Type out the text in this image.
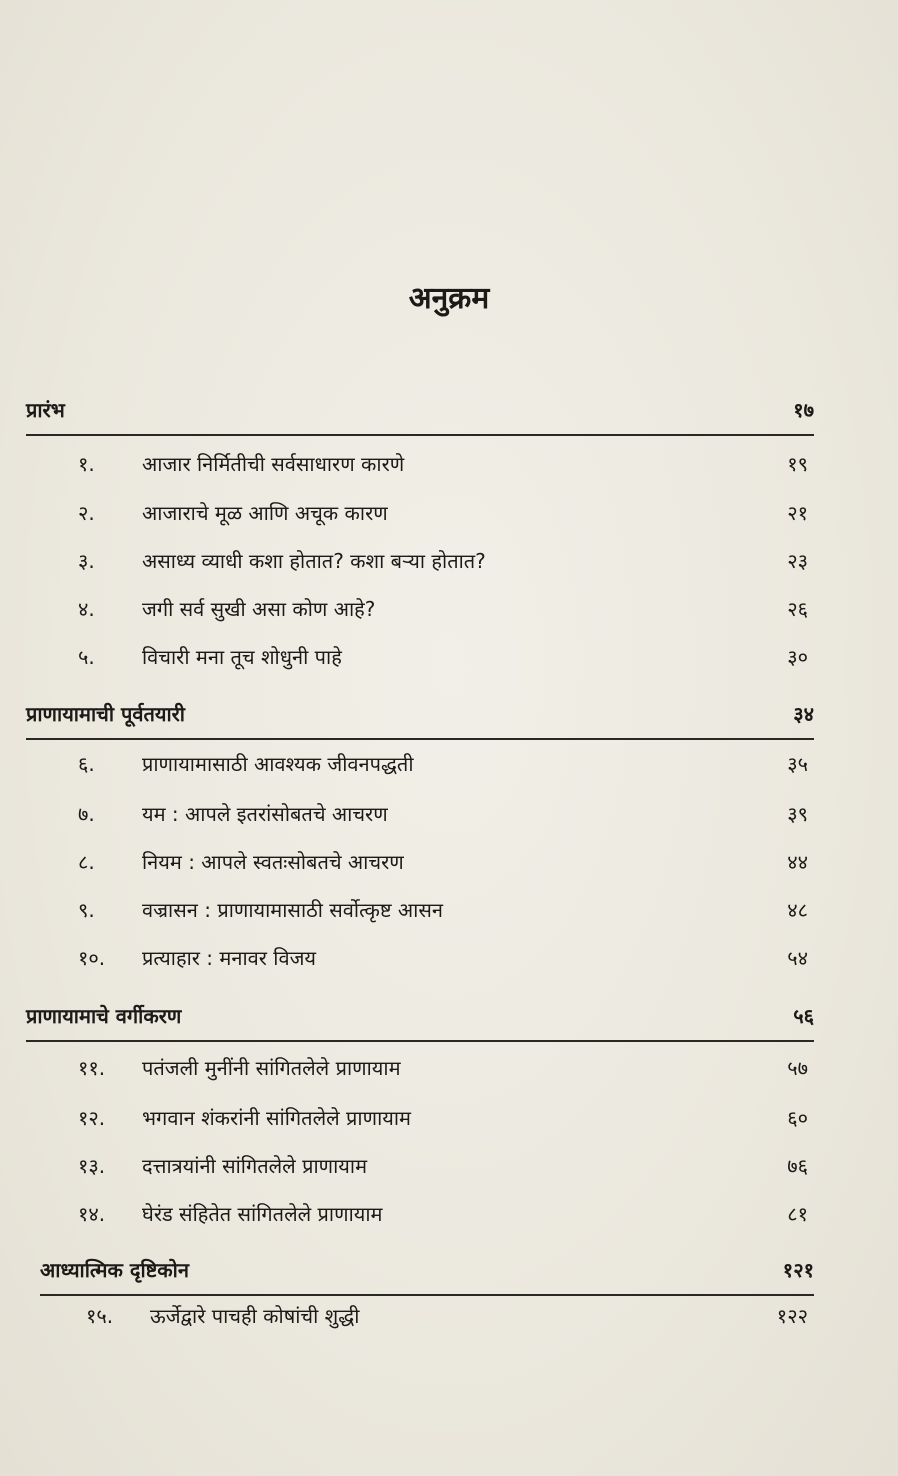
अनुक्रम
प्रारंभ	१७
१. आजार निर्मितीची सर्वसाधारण कारणे	१९
२. आजाराचे मूळ आणि अचूक कारण	२१
३. असाध्य व्याधी कशा होतात? कशा बऱ्या होतात?	२३
४. जगी सर्व सुखी असा कोण आहे?	२६
५. विचारी मना तूच शोधुनी पाहे	३०
प्राणायामाची पूर्वतयारी	३४
६. प्राणायामासाठी आवश्यक जीवनपद्धती	३५
७. यम : आपले इतरांसोबतचे आचरण	३९
८. नियम : आपले स्वतःसोबतचे आचरण	४४
९. वज्रासन : प्राणायामासाठी सर्वोत्कृष्ट आसन	४८
१०. प्रत्याहार : मनावर विजय	५४
प्राणायामाचे वर्गीकरण	५६
११. पतंजली मुनींनी सांगितलेले प्राणायाम	५७
१२. भगवान शंकरांनी सांगितलेले प्राणायाम	६०
१३. दत्तात्रयांनी सांगितलेले प्राणायाम	७६
१४. घेरंड संहितेत सांगितलेले प्राणायाम	८१
आध्यात्मिक दृष्टिकोन	१२१
१५. ऊर्जेद्वारे पाचही कोषांची शुद्धी	१२२
